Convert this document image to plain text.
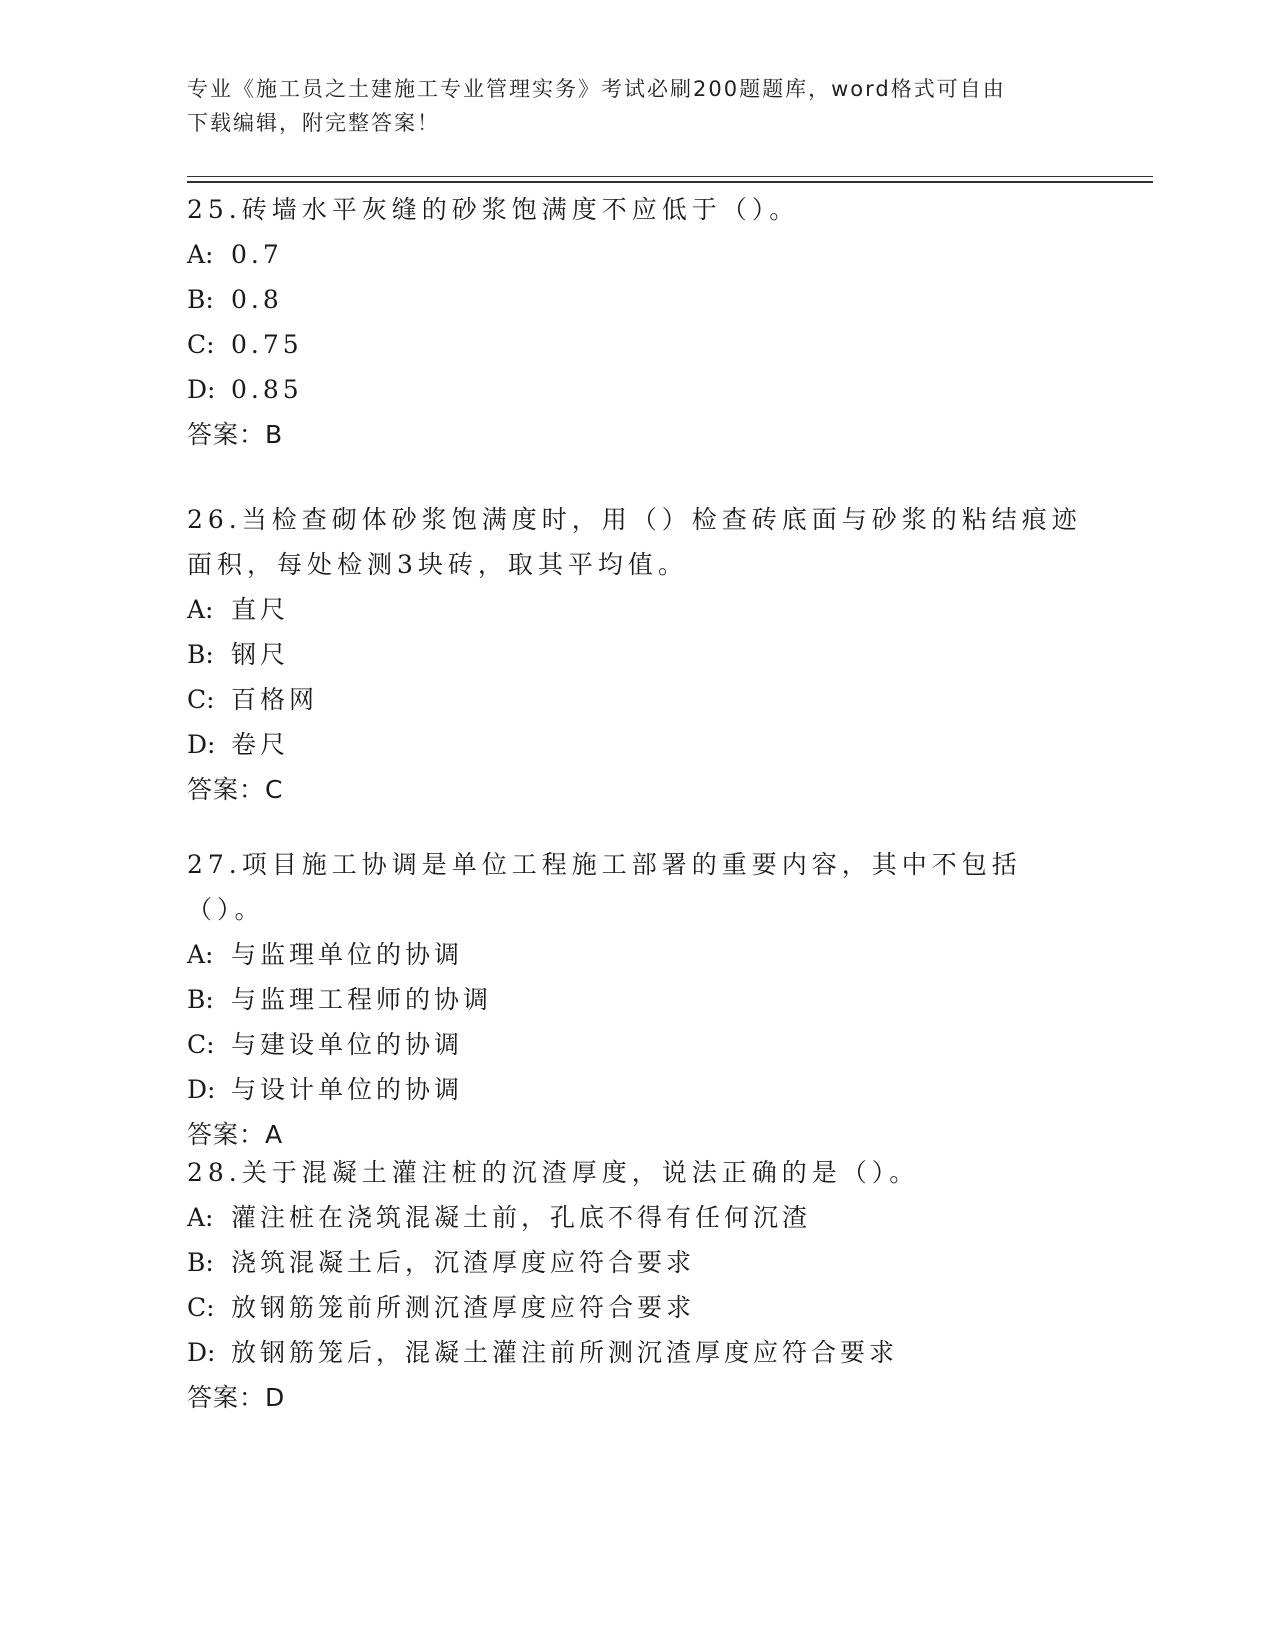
专业《施工员之土建施工专业管理实务》考试必刷200题题库，word格式可自由
下载编辑，附完整答案！

25.砖墙水平灰缝的砂浆饱满度不应低于（）。

A: 0.7

B: 0.8

C: 0.75

D: 0.85

答案：B

26.当检查砌体砂浆饱满度时，用（）检查砖底面与砂浆的粘结痕迹面积，每处检测3块砖，取其平均值。

A: 直尺

B: 钢尺

C: 百格网

D: 卷尺

答案：C

27.项目施工协调是单位工程施工部署的重要内容，其中不包括（）。

A: 与监理单位的协调

B: 与监理工程师的协调

C: 与建设单位的协调

D: 与设计单位的协调

答案：A

28.关于混凝土灌注桩的沉渣厚度，说法正确的是（）。

A: 灌注桩在浇筑混凝土前，孔底不得有任何沉渣

B: 浇筑混凝土后，沉渣厚度应符合要求

C: 放钢筋笼前所测沉渣厚度应符合要求

D: 放钢筋笼后，混凝土灌注前所测沉渣厚度应符合要求

答案：D
